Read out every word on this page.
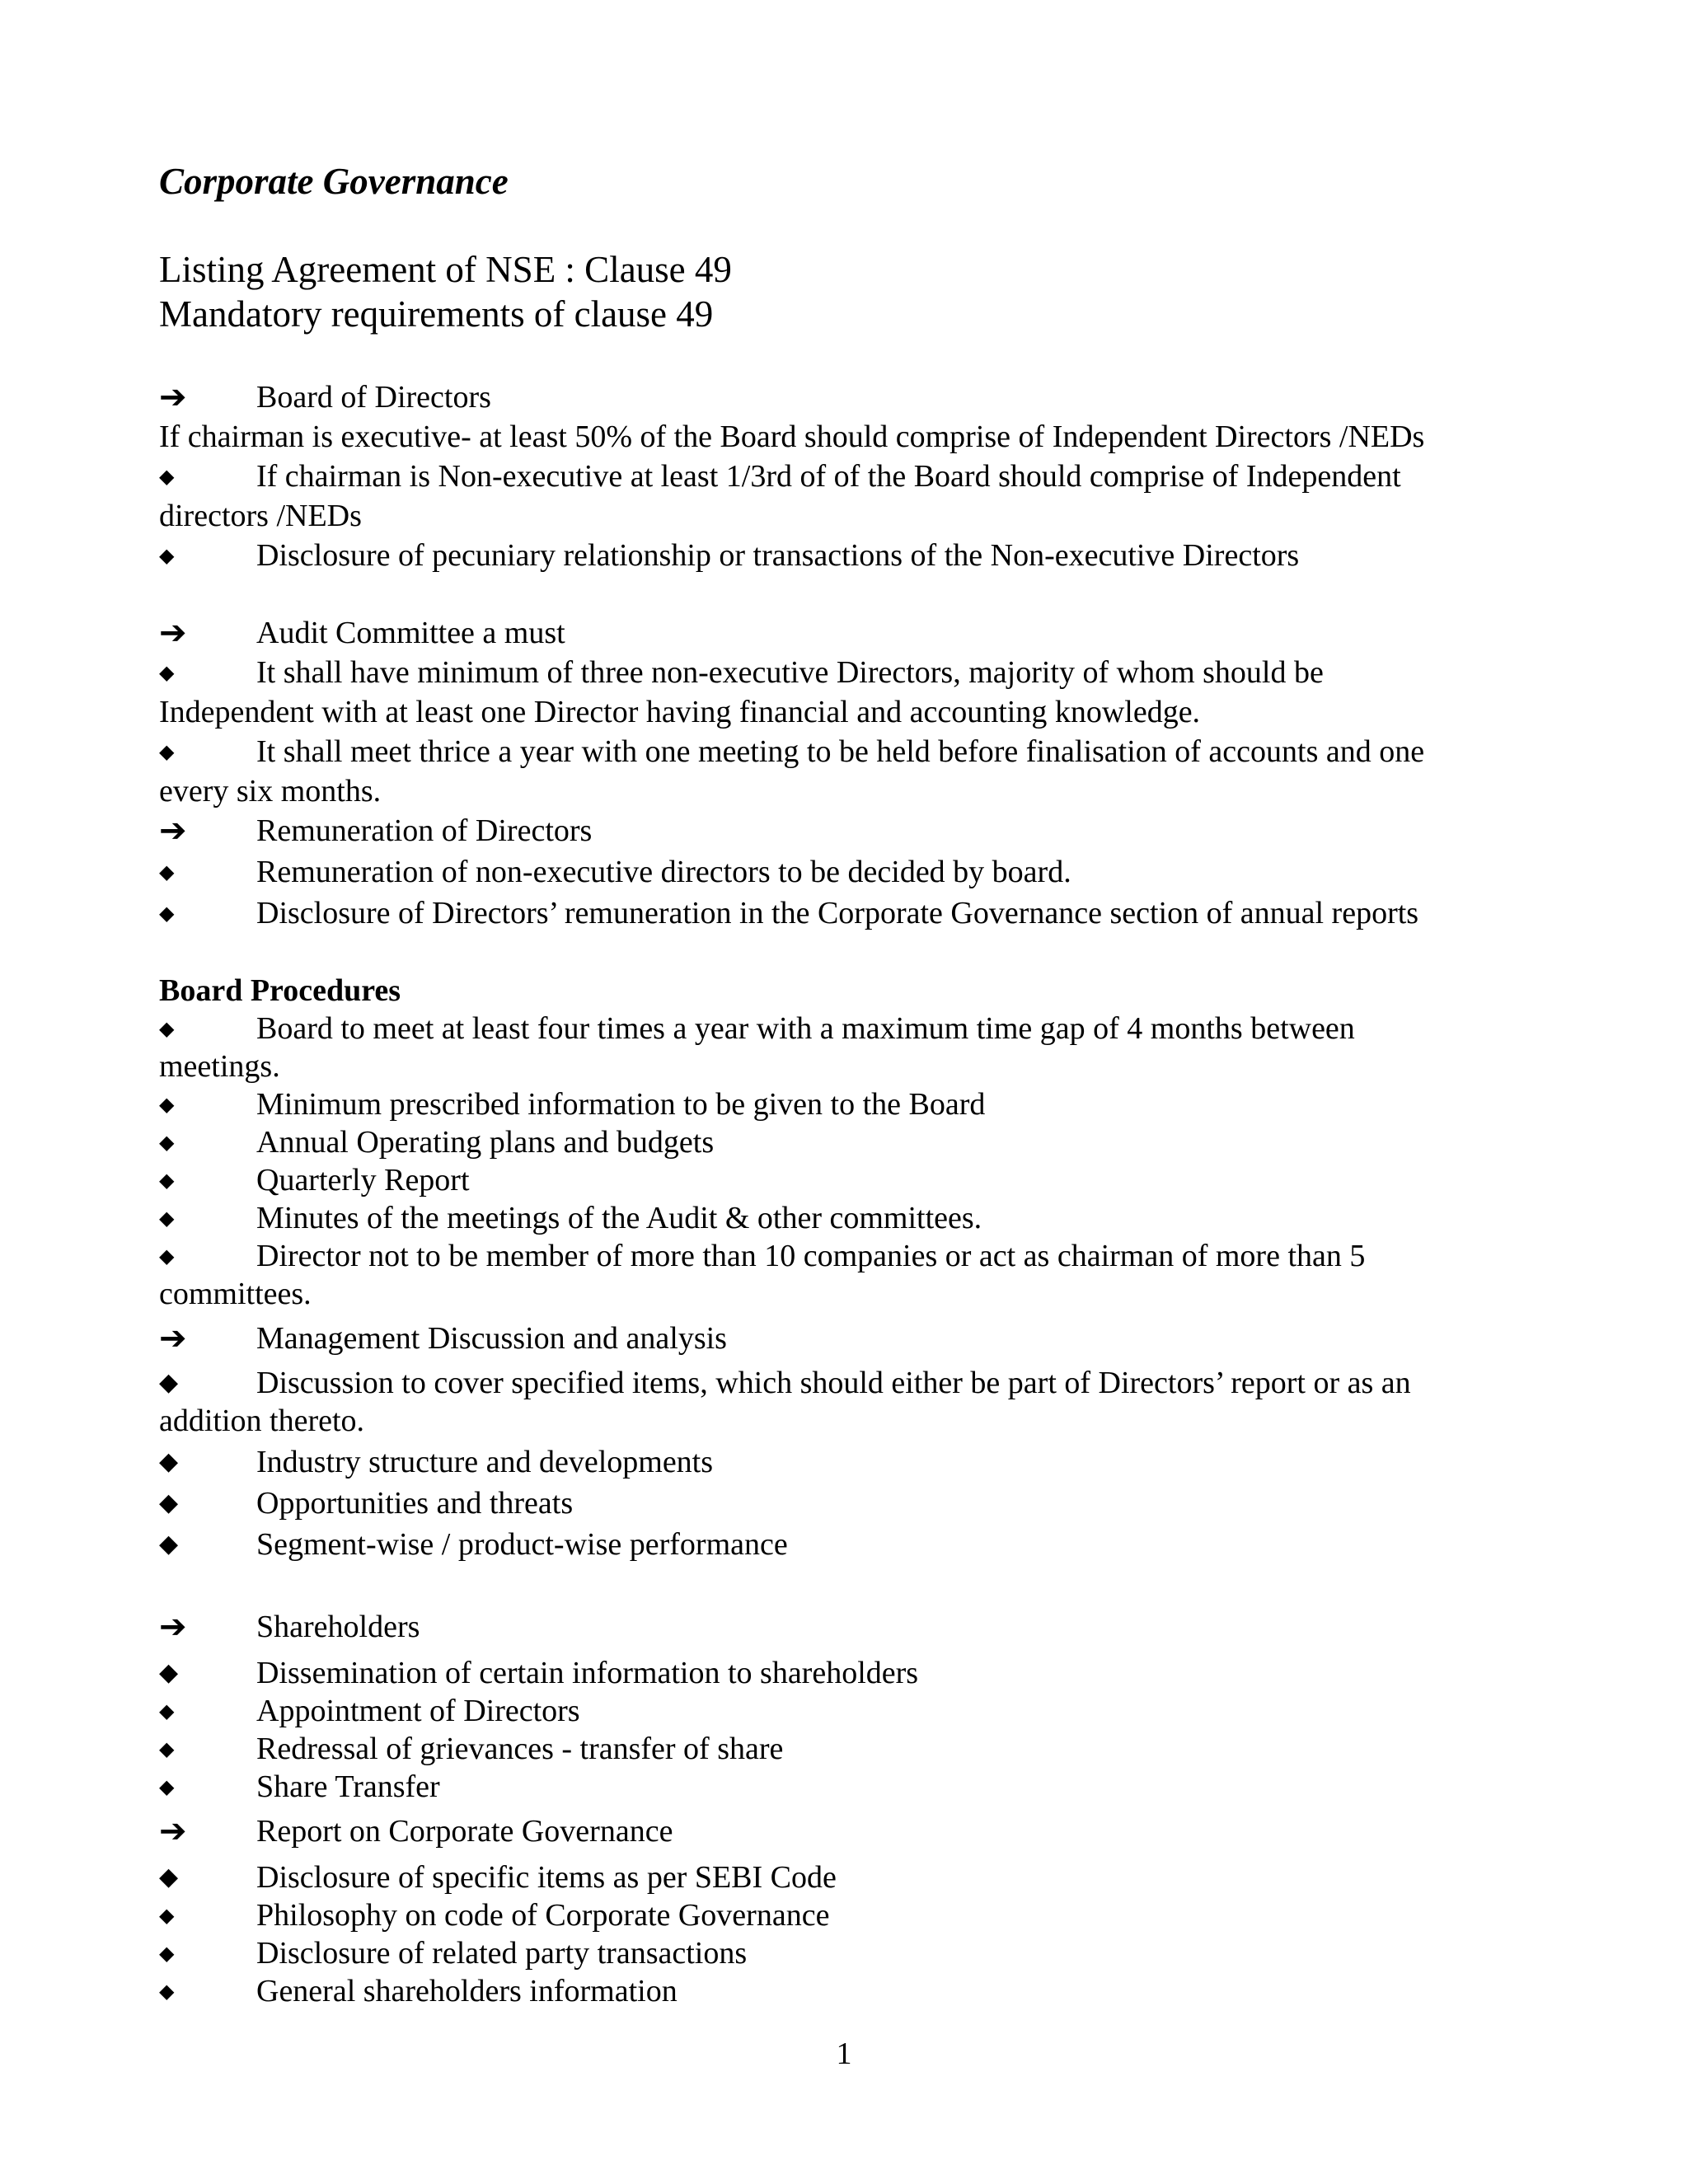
Corporate Governance
Listing Agreement of NSE : Clause 49
Mandatory requirements of clause 49
➔	Board of Directors
If chairman is executive- at least 50% of the Board should comprise of Independent Directors /NEDs
◆	If chairman is Non-executive at least 1/3rd of of the Board should comprise of Independent
directors /NEDs
◆	Disclosure of pecuniary relationship or transactions of the Non-executive Directors
➔	Audit Committee a must
◆	It shall have minimum of three non-executive Directors, majority of whom should be
Independent with at least one Director having financial and accounting knowledge.
◆	It shall meet thrice a year with one meeting to be held before finalisation of accounts and one
every six months.
➔	Remuneration of Directors
◆	Remuneration of non-executive directors to be decided by board.
◆	Disclosure of Directors’ remuneration in the Corporate Governance section of annual reports
Board Procedures
◆	Board to meet at least four times a year with a maximum time gap of 4 months between
meetings.
◆	Minimum prescribed information to be given to the Board
◆	Annual Operating plans and budgets
◆	Quarterly Report
◆	Minutes of the meetings of the Audit & other committees.
◆	Director not to be member of more than 10 companies or act as chairman of more than 5
committees.
➔	Management Discussion and analysis
◆	Discussion to cover specified items, which should either be part of Directors’ report or as an
addition thereto.
◆	Industry structure and developments
◆	Opportunities and threats
◆	Segment-wise / product-wise performance
➔	Shareholders
◆	Dissemination of certain information to shareholders
◆	Appointment of Directors
◆	Redressal of grievances - transfer of share
◆	Share Transfer
➔	Report on Corporate Governance
◆	Disclosure of specific items as per SEBI Code
◆	Philosophy on code of Corporate Governance
◆	Disclosure of related party transactions
◆	General shareholders information
1
